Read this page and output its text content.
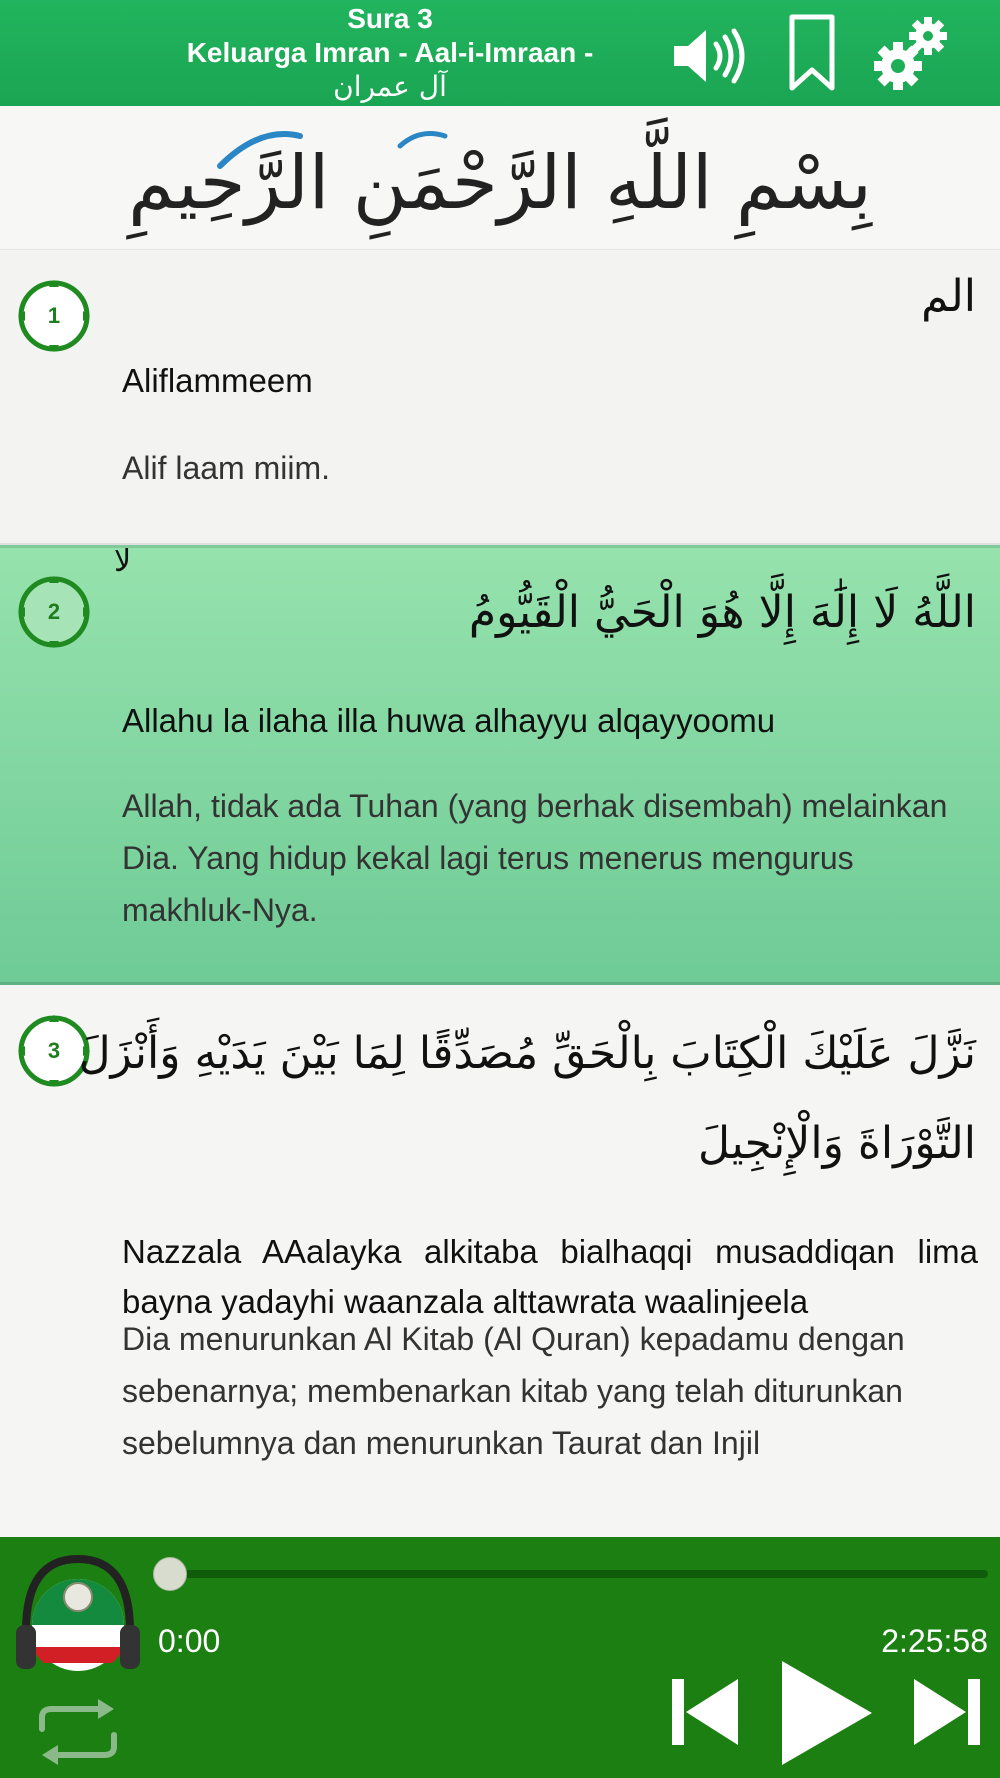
Sura 3
Keluarga Imran - Aal-i-Imraan -
آل عمران
بِسْمِ اللَّهِ الرَّحْمَنِ الرَّحِيمِ
1	الم
Aliflammeem
Alif laam miim.
لا
2	اللَّهُ لَا إِلَٰهَ إِلَّا هُوَ الْحَيُّ الْقَيُّومُ
Allahu la ilaha illa huwa alhayyu alqayyoomu
Allah, tidak ada Tuhan (yang berhak disembah) melainkan Dia. Yang hidup kekal lagi terus menerus mengurus makhluk-Nya.
3 نَزَّلَ عَلَيْكَ الْكِتَابَ بِالْحَقِّ مُصَدِّقًا لِمَا بَيْنَ يَدَيْهِ وَأَنْزَلَ
التَّوْرَاةَ وَالْإِنْجِيلَ
Nazzala AAalayka alkitaba bialhaqqi musaddiqan lima bayna yadayhi waanzala alttawrata waalinjeela
Dia menurunkan Al Kitab (Al Quran) kepadamu dengan sebenarnya; membenarkan kitab yang telah diturunkan sebelumnya dan menurunkan Taurat dan Injil
0:00	2:25:58
